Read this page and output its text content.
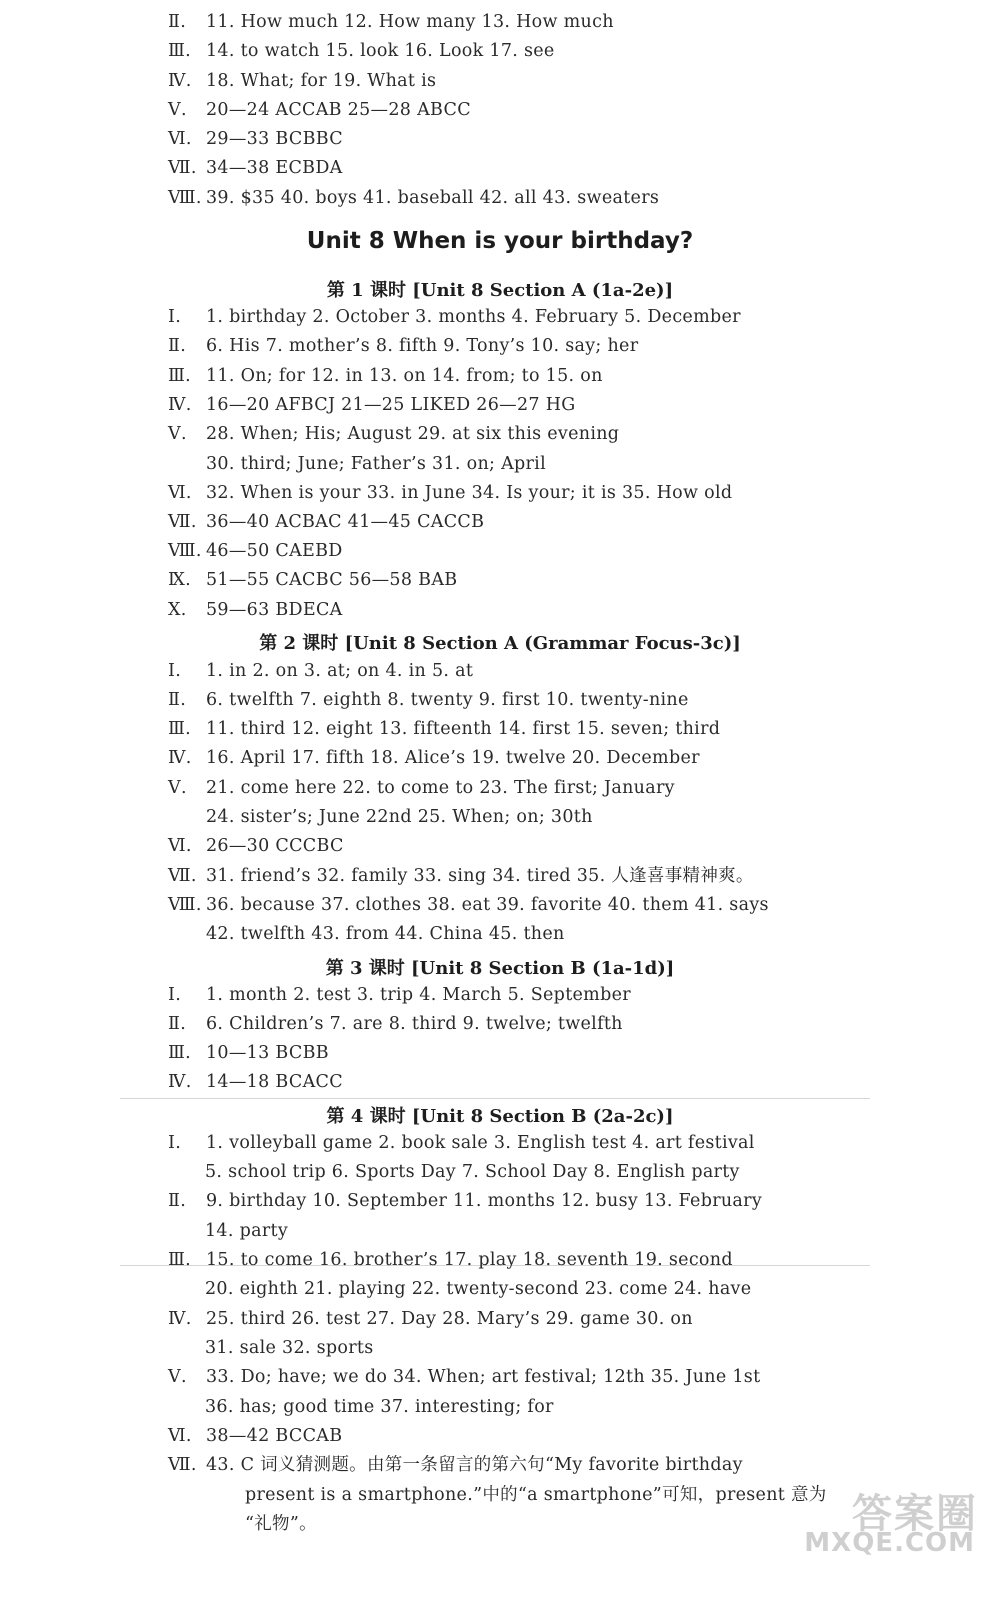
Ⅱ. 11. How much 12. How many 13. How much
Ⅲ. 14. to watch 15. look 16. Look 17. see
Ⅳ. 18. What; for 19. What is
Ⅴ. 20—24 ACCAB 25—28 ABCC
Ⅵ. 29—33 BCBBC
Ⅶ. 34—38 ECBDA
Ⅷ. 39. $35 40. boys 41. baseball 42. all 43. sweaters
Unit 8 When is your birthday?
第 1 课时 [Unit 8 Section A (1a-2e)]
Ⅰ. 1. birthday 2. October 3. months 4. February 5. December
Ⅱ. 6. His 7. mother’s 8. fifth 9. Tony’s 10. say; her
Ⅲ. 11. On; for 12. in 13. on 14. from; to 15. on
Ⅳ. 16—20 AFBCJ 21—25 LIKED 26—27 HG
Ⅴ. 28. When; His; August 29. at six this evening
30. third; June; Father’s 31. on; April
Ⅵ. 32. When is your 33. in June 34. Is your; it is 35. How old
Ⅶ. 36—40 ACBAC 41—45 CACCB
Ⅷ. 46—50 CAEBD
Ⅸ. 51—55 CACBC 56—58 BAB
Ⅹ. 59—63 BDECA
第 2 课时 [Unit 8 Section A (Grammar Focus-3c)]
Ⅰ. 1. in 2. on 3. at; on 4. in 5. at
Ⅱ. 6. twelfth 7. eighth 8. twenty 9. first 10. twenty-nine
Ⅲ. 11. third 12. eight 13. fifteenth 14. first 15. seven; third
Ⅳ. 16. April 17. fifth 18. Alice’s 19. twelve 20. December
Ⅴ. 21. come here 22. to come to 23. The first; January
24. sister’s; June 22nd 25. When; on; 30th
Ⅵ. 26—30 CCCBC
Ⅶ. 31. friend’s 32. family 33. sing 34. tired 35. 人逢喜事精神爽。
Ⅷ. 36. because 37. clothes 38. eat 39. favorite 40. them 41. says
42. twelfth 43. from 44. China 45. then
第 3 课时 [Unit 8 Section B (1a-1d)]
Ⅰ. 1. month 2. test 3. trip 4. March 5. September
Ⅱ. 6. Children’s 7. are 8. third 9. twelve; twelfth
Ⅲ. 10—13 BCBB
Ⅳ. 14—18 BCACC
第 4 课时 [Unit 8 Section B (2a-2c)]
Ⅰ. 1. volleyball game 2. book sale 3. English test 4. art festival
5. school trip 6. Sports Day 7. School Day 8. English party
Ⅱ. 9. birthday 10. September 11. months 12. busy 13. February
14. party
Ⅲ. 15. to come 16. brother’s 17. play 18. seventh 19. second
20. eighth 21. playing 22. twenty-second 23. come 24. have
Ⅳ. 25. third 26. test 27. Day 28. Mary’s 29. game 30. on
31. sale 32. sports
Ⅴ. 33. Do; have; we do 34. When; art festival; 12th 35. June 1st
36. has; good time 37. interesting; for
Ⅵ. 38—42 BCCAB
Ⅶ. 43. C 词义猜测题。由第一条留言的第六句“My favorite birthday
present is a smartphone.”中的“a smartphone”可知，present 意为
“礼物”。	答案圈
MXQE.COM
